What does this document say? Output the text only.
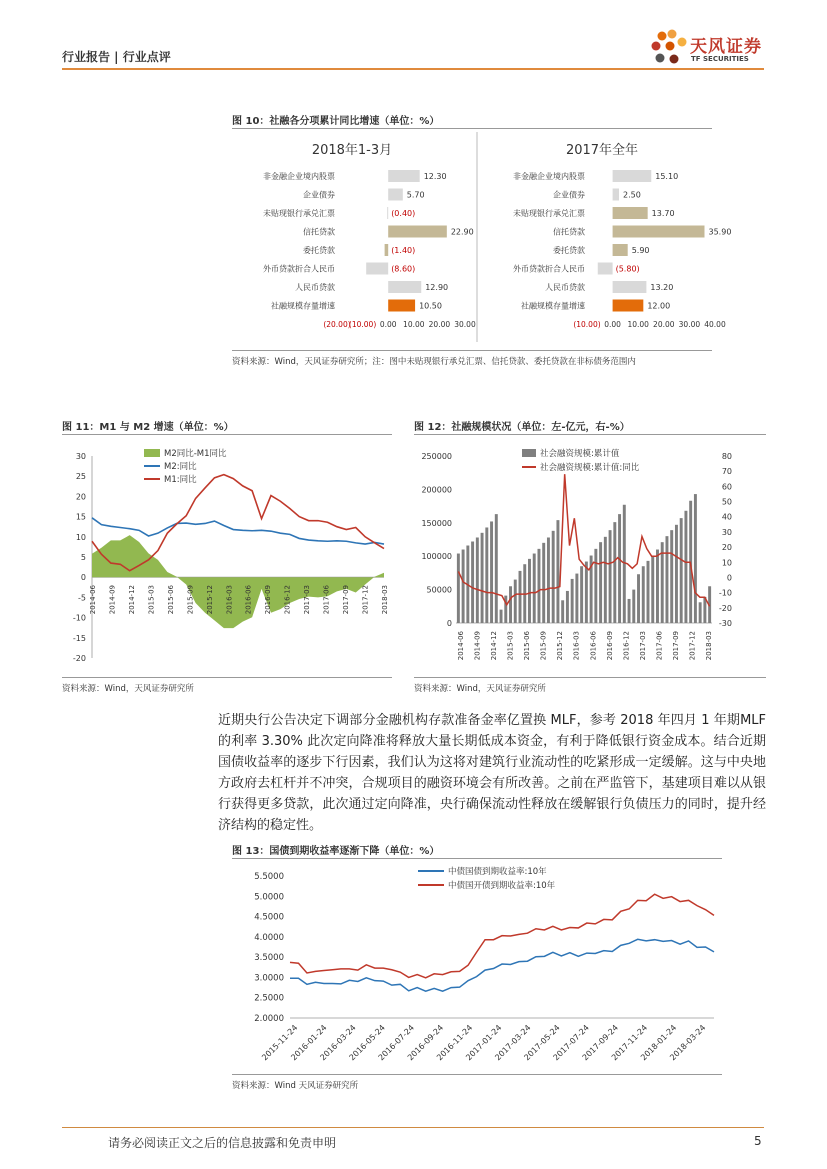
行业报告 | 行业点评	天风证券
TF SECURITIES
图 10：社融各分项累计同比增速（单位：%）
2018年1-3月
非金融企业境内股票	12.30
企业债券	5.70
未贴现银行承兑汇票	(0.40)
信托贷款	22.90
委托贷款	(1.40)
外币贷款折合人民币	(8.60)
人民币贷款	12.90
社融规模存量增速	10.50
(20.00)
(10.00) 0.00 10.00 20.00 30.00
2017年全年
非金融企业境内股票	15.10
企业债券	2.50
未贴现银行承兑汇票	13.70
信托贷款	35.90
委托贷款	5.90
外币贷款折合人民币	(5.80)
人民币贷款	13.20
社融规模存量增速	12.00
(10.00) 0.00 10.00 20.00 30.00 40.00
资料来源：Wind，天风证券研究所；注：图中未贴现银行承兑汇票、信托贷款、委托贷款在非标债务范围内
图 11：M1 与 M2 增速（单位：%）
30
25
20
15
10
5
0
-5
-10
-15
-20
2014-06 2014-09 2014-12 2015-03 2015-06 2015-09 2015-12 2016-03 2016-06 2016-09 2016-12 2017-03 2017-06 2017-09 2017-12 2018-03
M2同比-M1同比
M2:同比
M1:同比
资料来源：Wind，天风证券研究所
图 12：社融规模状况（单位：左-亿元，右-%）
250000
200000
150000
100000
50000
0
80
70
60
50
40
30
20
10
0
-10
-20
-30
2014-06 2014-09 2014-12 2015-03 2015-06 2015-09 2015-12 2016-03 2016-06 2016-09 2016-12 2017-03 2017-06 2017-09 2017-12 2018-03
社会融资规模:累计值
社会融资规模:累计值:同比
资料来源：Wind，天风证券研究所
近期央行公告决定下调部分金融机构存款准备金率亿置换 MLF，参考 2018 年四月 1 年期MLF 的利率 3.30% 此次定向降准将释放大量长期低成本资金，有利于降低银行资金成本。结合近期国债收益率的逐步下行因素，我们认为这将对建筑行业流动性的吃紧形成一定缓解。这与中央地方政府去杠杆并不冲突，合规项目的融资环境会有所改善。之前在严监管下，基建项目难以从银行获得更多贷款，此次通过定向降准，央行确保流动性释放在缓解银行负债压力的同时，提升经济结构的稳定性。
图 13：国债到期收益率逐渐下降（单位：%）
5.5000
5.0000
4.5000
4.0000
3.5000
3.0000
2.5000
2.0000
2015-11-24
2016-01-24
2016-03-24
2016-05-24
2016-07-24
2016-09-24
2016-11-24
2017-01-24
2017-03-24
2017-05-24
2017-07-24
2017-09-24
2017-11-24
2018-01-24
2018-03-24
中债国债到期收益率:10年
中债国开债到期收益率:10年
资料来源：Wind 天风证券研究所
请务必阅读正文之后的信息披露和免责申明	5
